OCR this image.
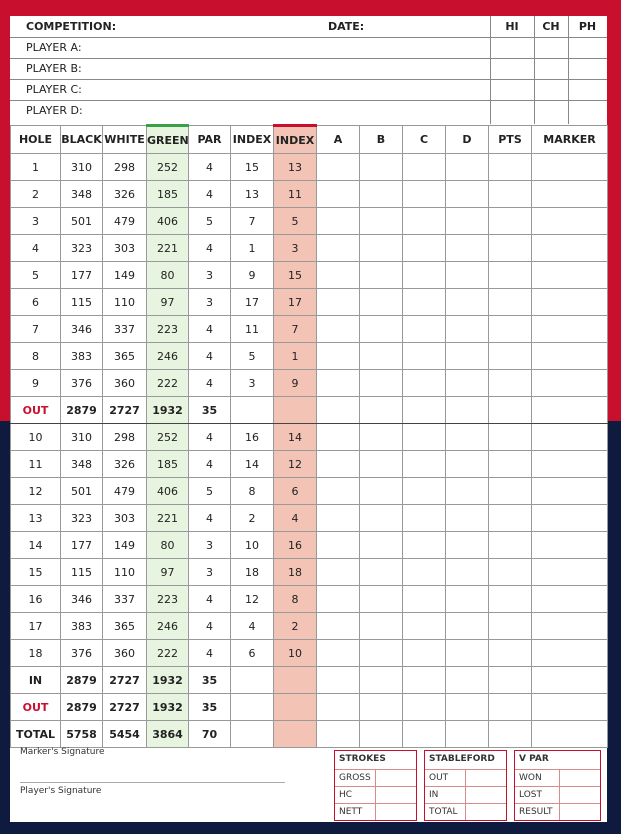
COMPETITION:	DATE:	HI	CH	PH
PLAYER A:
PLAYER B:
PLAYER C:
PLAYER D:
HOLE	BLACK	WHITE	GREEN	PAR	INDEX	INDEX	A	B	C	D	PTS	MARKER
1	310	298	252	4	15	13						
2	348	326	185	4	13	11						
3	501	479	406	5	7	5						
4	323	303	221	4	1	3						
5	177	149	80	3	9	15						
6	115	110	97	3	17	17						
7	346	337	223	4	11	7						
8	383	365	246	4	5	1						
9	376	360	222	4	3	9						
OUT	2879	2727	1932	35								
10	310	298	252	4	16	14						
11	348	326	185	4	14	12						
12	501	479	406	5	8	6						
13	323	303	221	4	2	4						
14	177	149	80	3	10	16						
15	115	110	97	3	18	18						
16	346	337	223	4	12	8						
17	383	365	246	4	4	2						
18	376	360	222	4	6	10						
IN	2879	2727	1932	35								
OUT	2879	2727	1932	35								
TOTAL	5758	5454	3864	70								
Marker's Signature
Player's Signature
STROKES
GROSS
HC
NETT
STABLEFORD
OUT
IN
TOTAL
V PAR
WON
LOST
RESULT
